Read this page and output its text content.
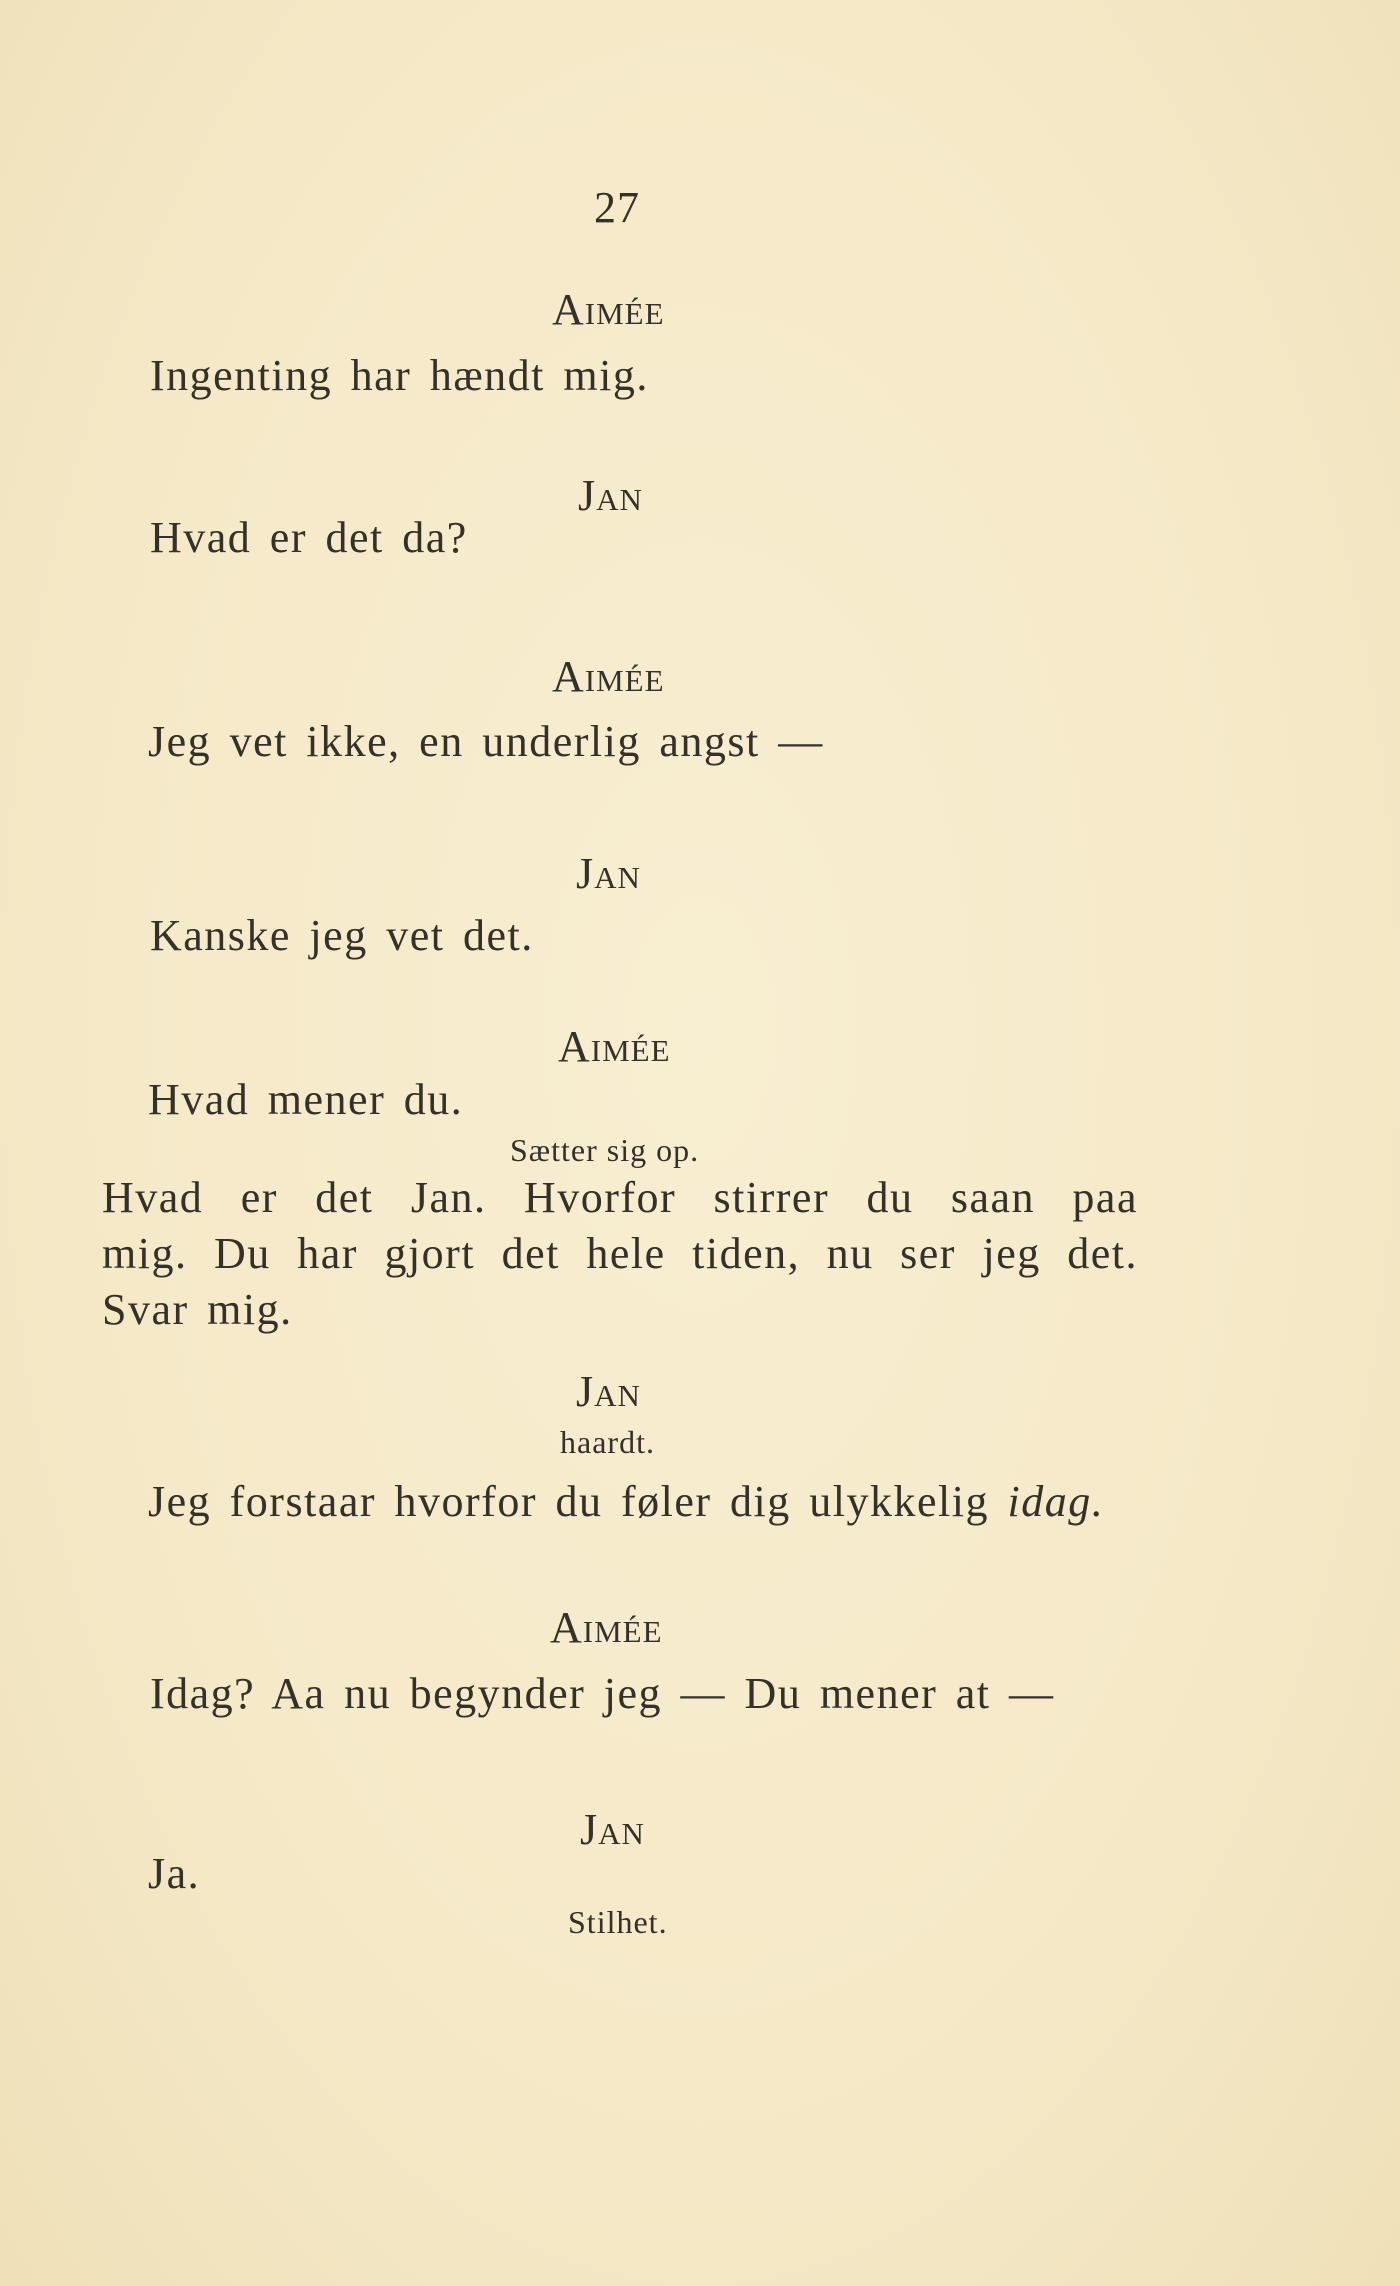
27
Aimée
Ingenting har hændt mig.
Jan
Hvad er det da?
Aimée
Jeg vet ikke, en underlig angst —
Jan
Kanske jeg vet det.
Aimée
Hvad mener du.
Sætter sig op.
Hvad er det Jan. Hvorfor stirrer du saan paa
mig. Du har gjort det hele tiden, nu ser jeg det.
Svar mig.
Jan
haardt.
Jeg forstaar hvorfor du føler dig ulykkelig idag.
Aimée
Idag? Aa nu begynder jeg — Du mener at —
Jan
Ja.
Stilhet.
